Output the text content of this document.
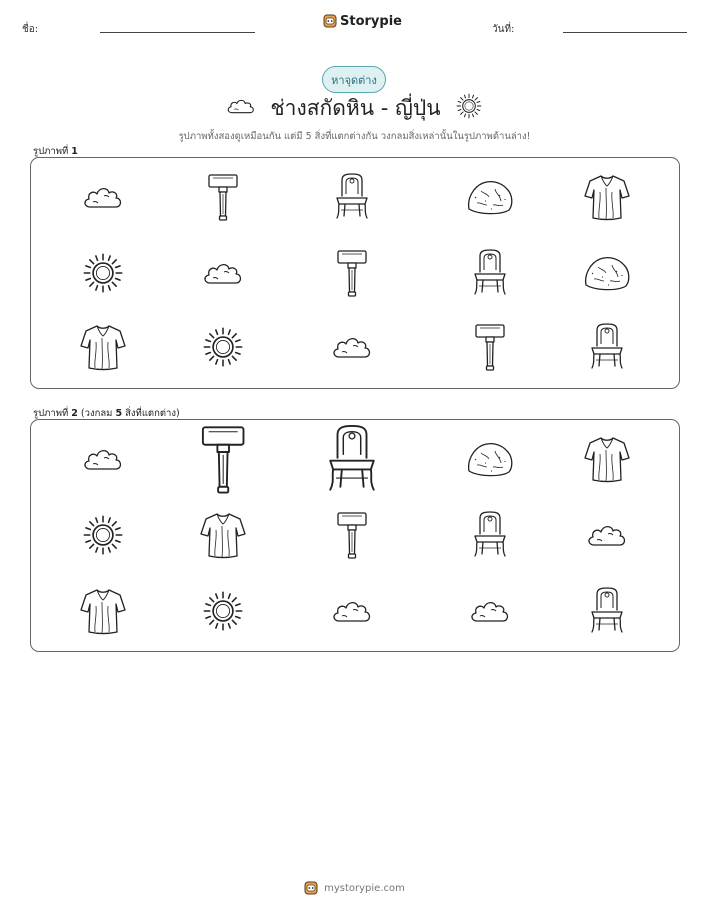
ชื่อ:
Storypie
วันที่:
หาจุดต่าง
ช่างสกัดหิน - ญี่ปุ่น
รูปภาพทั้งสองดูเหมือนกัน แต่มี 5 สิ่งที่แตกต่างกัน วงกลมสิ่งเหล่านั้นในรูปภาพด้านล่าง!
รูปภาพที่ 1
รูปภาพที่ 2 (วงกลม 5 สิ่งที่แตกต่าง)
mystorypie.com
